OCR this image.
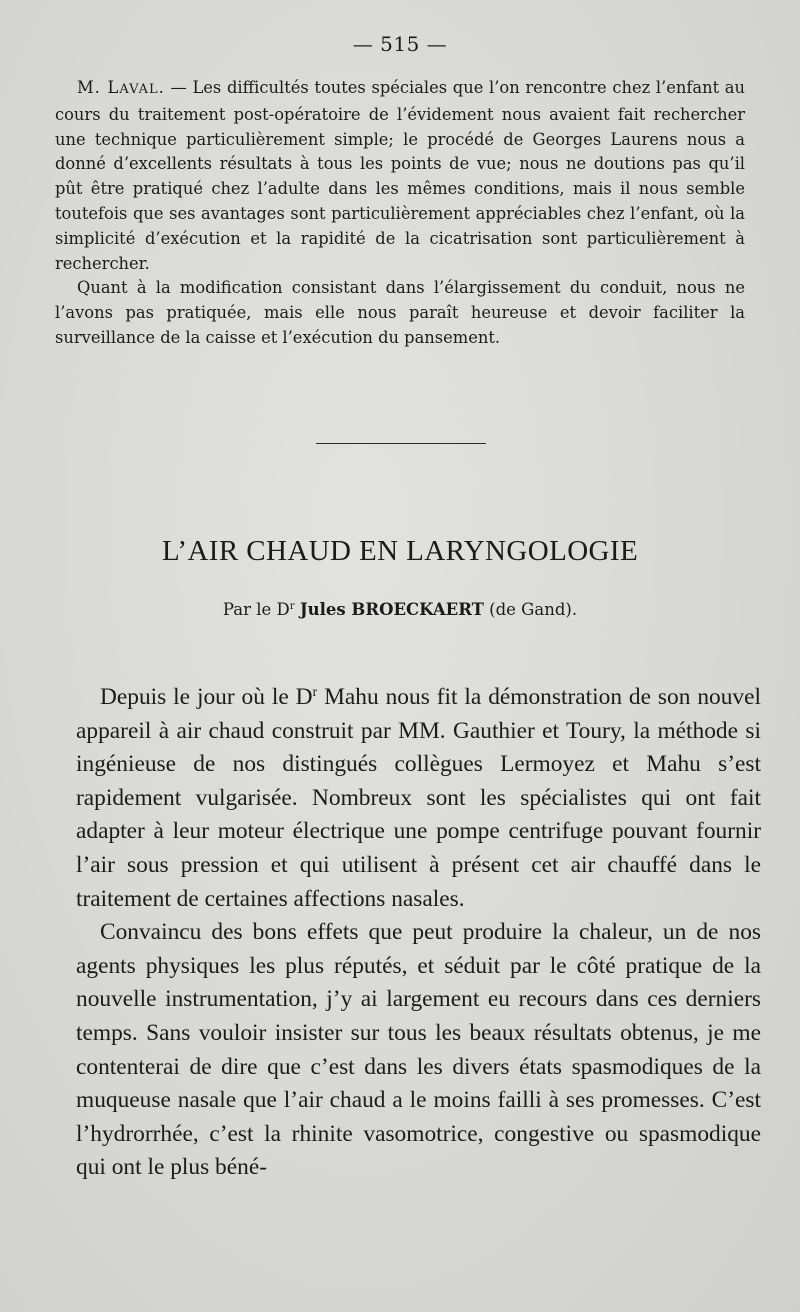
— 515 —

M. LAVAL. — Les difficultés toutes spéciales que l’on rencontre chez l’enfant au cours du traitement post-opératoire de l’évidement nous avaient fait rechercher une technique particulièrement simple; le procédé de Georges Laurens nous a donné d’excellents résultats à tous les points de vue; nous ne doutions pas qu’il pût être pratiqué chez l’adulte dans les mêmes conditions, mais il nous semble toutefois que ses avantages sont particulièrement appréciables chez l’enfant, où la simplicité d’exécution et la rapidité de la cicatrisation sont particulièrement à rechercher.

Quant à la modification consistant dans l’élargissement du conduit, nous ne l’avons pas pratiquée, mais elle nous paraît heureuse et devoir faciliter la surveillance de la caisse et l’exécution du pansement.

L’AIR CHAUD EN LARYNGOLOGIE
Par le $D^r$ Jules BROECKAERT (de Gand).

Depuis le jour où le $D^r$ Mahu nous fit la démonstration de son nouvel appareil à air chaud construit par MM. Gauthier et Toury, la méthode si ingénieuse de nos distingués collègues Lermoyez et Mahu s’est rapidement vulgarisée. Nombreux sont les spécialistes qui ont fait adapter à leur moteur électrique une pompe centrifuge pouvant fournir l’air sous pression et qui utilisent à présent cet air chauffé dans le traitement de certaines affections nasales.

Convaincu des bons effets que peut produire la chaleur, un de nos agents physiques les plus réputés, et séduit par le côté pratique de la nouvelle instrumentation, j’y ai largement eu recours dans ces derniers temps. Sans vouloir insister sur tous les beaux résultats obtenus, je me contenterai de dire que c’est dans les divers états spasmodiques de la muqueuse nasale que l’air chaud a le moins failli à ses promesses. C’est l’hydrorrhée, c’est la rhinite vasomotrice, congestive ou spasmodique qui ont le plus béné-
